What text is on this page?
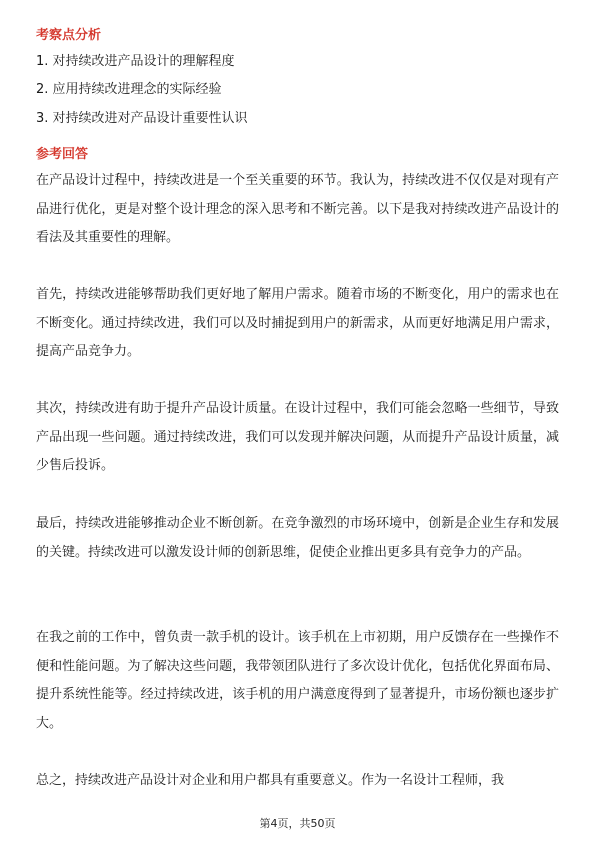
考察点分析
1. 对持续改进产品设计的理解程度
2. 应用持续改进理念的实际经验
3. 对持续改进对产品设计重要性认识
参考回答
在产品设计过程中，持续改进是一个至关重要的环节。我认为，持续改进不仅仅是对现有产品进行优化，更是对整个设计理念的深入思考和不断完善。以下是我对持续改进产品设计的看法及其重要性的理解。
首先，持续改进能够帮助我们更好地了解用户需求。随着市场的不断变化，用户的需求也在不断变化。通过持续改进，我们可以及时捕捉到用户的新需求，从而更好地满足用户需求，提高产品竞争力。
其次，持续改进有助于提升产品设计质量。在设计过程中，我们可能会忽略一些细节，导致产品出现一些问题。通过持续改进，我们可以发现并解决问题，从而提升产品设计质量，减少售后投诉。
最后，持续改进能够推动企业不断创新。在竞争激烈的市场环境中，创新是企业生存和发展的关键。持续改进可以激发设计师的创新思维，促使企业推出更多具有竞争力的产品。
在我之前的工作中，曾负责一款手机的设计。该手机在上市初期，用户反馈存在一些操作不便和性能问题。为了解决这些问题，我带领团队进行了多次设计优化，包括优化界面布局、提升系统性能等。经过持续改进，该手机的用户满意度得到了显著提升，市场份额也逐步扩大。
总之，持续改进产品设计对企业和用户都具有重要意义。作为一名设计工程师，我
第4页，共50页
